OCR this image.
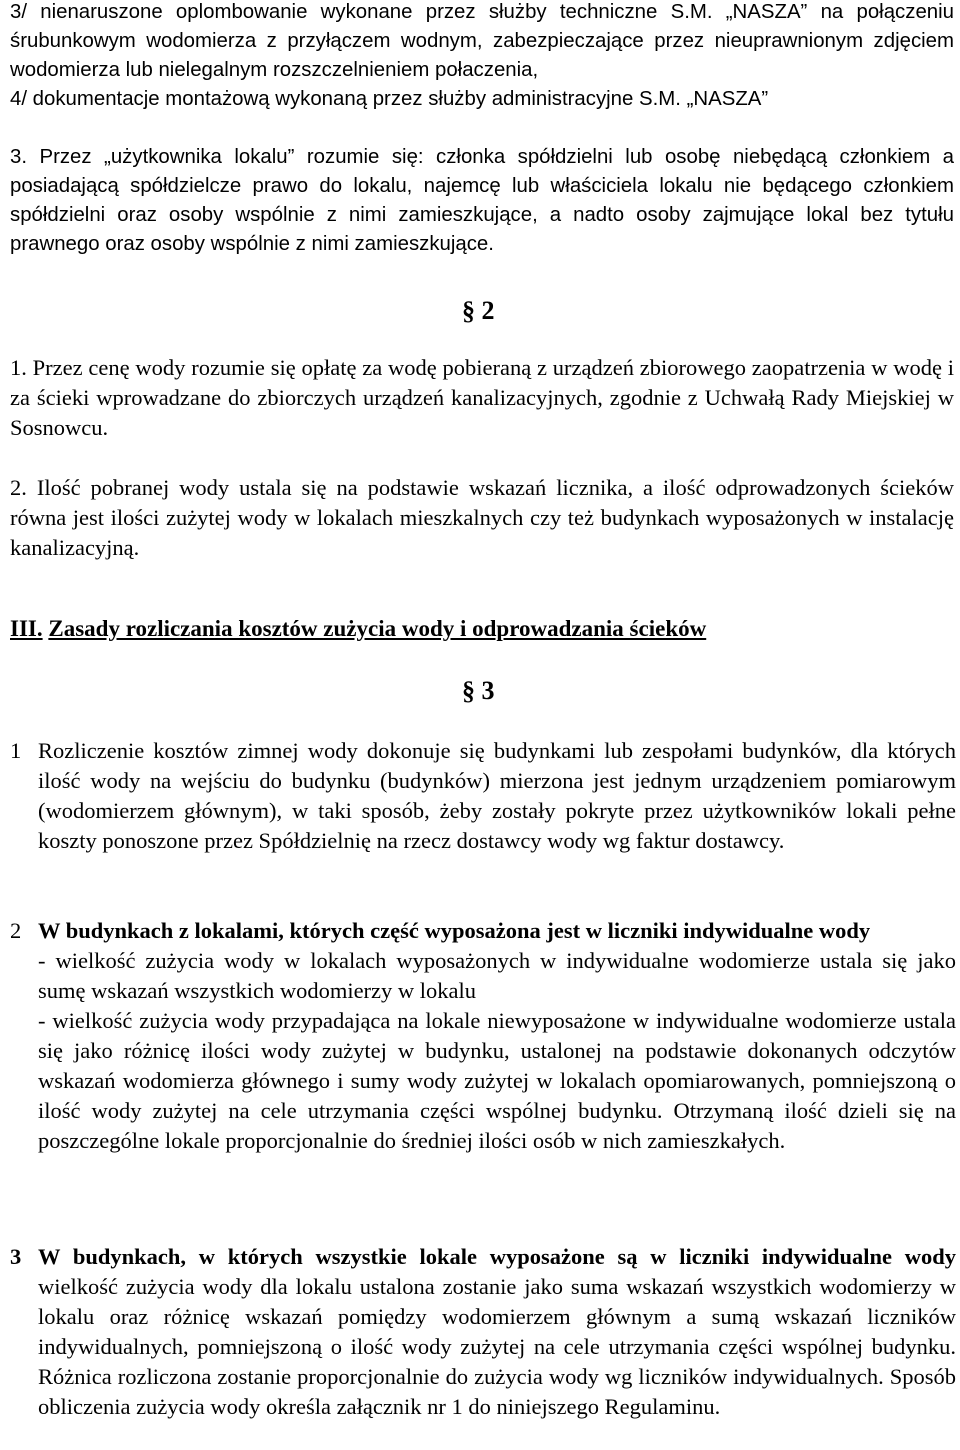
3/ nienaruszone oplombowanie wykonane przez służby techniczne S.M. „NASZA” na połączeniu śrubunkowym wodomierza z przyłączem wodnym, zabezpieczające przez nieuprawnionym zdjęciem wodomierza lub nielegalnym rozszczelnieniem połaczenia,

4/ dokumentacje montażową wykonaną przez służby administracyjne S.M. „NASZA”

3. Przez „użytkownika lokalu” rozumie się: członka spółdzielni lub osobę niebędącą członkiem a posiadającą spółdzielcze prawo do lokalu, najemcę lub właściciela lokalu nie będącego członkiem spółdzielni oraz osoby wspólnie z nimi zamieszkujące, a nadto osoby zajmujące lokal bez tytułu prawnego oraz osoby wspólnie z nimi zamieszkujące.

§ 2

1. Przez cenę wody rozumie się opłatę za wodę pobieraną z urządzeń zbiorowego zaopatrzenia w wodę i za ścieki wprowadzane do zbiorczych urządzeń kanalizacyjnych, zgodnie z Uchwałą Rady Miejskiej w Sosnowcu.

2. Ilość pobranej wody ustala się na podstawie wskazań licznika, a ilość odprowadzonych ścieków równa jest ilości zużytej wody w lokalach mieszkalnych czy też budynkach wyposażonych w instalację kanalizacyjną.

III. Zasady rozliczania kosztów zużycia wody i odprowadzania ścieków
§ 3
1 Rozliczenie kosztów zimnej wody dokonuje się budynkami lub zespołami budynków, dla których ilość wody na wejściu do budynku (budynków) mierzona jest jednym urządzeniem pomiarowym (wodomierzem głównym), w taki sposób, żeby zostały pokryte przez użytkowników lokali pełne koszty ponoszone przez Spółdzielnię na rzecz dostawcy wody wg faktur dostawcy.

2 W budynkach z lokalami, których część wyposażona jest w liczniki indywidualne wody

- wielkość zużycia wody w lokalach wyposażonych w indywidualne wodomierze ustala się jako sumę wskazań wszystkich wodomierzy w lokalu

- wielkość zużycia wody przypadająca na lokale niewyposażone w indywidualne wodomierze ustala się jako różnicę ilości wody zużytej w budynku, ustalonej na podstawie dokonanych odczytów wskazań wodomierza głównego i sumy wody zużytej w lokalach opomiarowanych, pomniejszoną o ilość wody zużytej na cele utrzymania części wspólnej budynku. Otrzymaną ilość dzieli się na poszczególne lokale proporcjonalnie do średniej ilości osób w nich zamieszkałych.

3 W budynkach, w których wszystkie lokale wyposażone są w liczniki indywidualne wody wielkość zużycia wody dla lokalu ustalona zostanie jako suma wskazań wszystkich wodomierzy w lokalu oraz różnicę wskazań pomiędzy wodomierzem głównym a sumą wskazań liczników indywidualnych, pomniejszoną o ilość wody zużytej na cele utrzymania części wspólnej budynku. Różnica rozliczona zostanie proporcjonalnie do zużycia wody wg liczników indywidualnych. Sposób obliczenia zużycia wody określa załącznik nr 1 do niniejszego Regulaminu.
